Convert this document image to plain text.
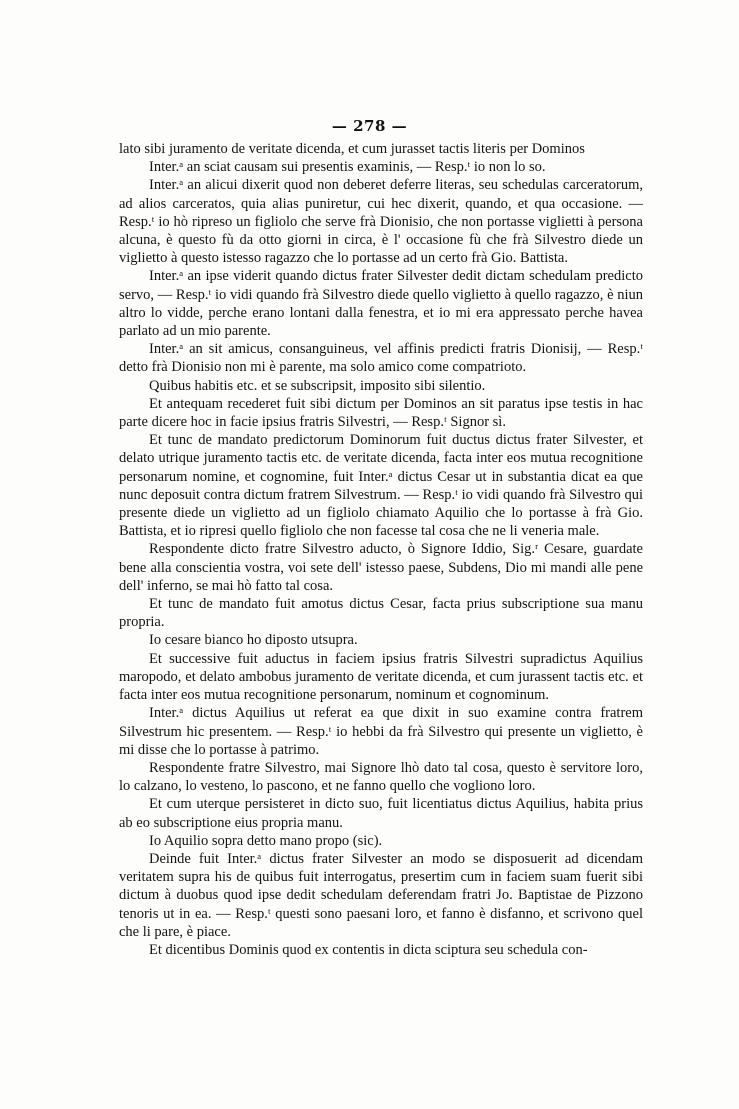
— 278 —

lato sibi juramento de veritate dicenda, et cum jurasset tactis literis per Dominos

Inter.ᵃ an sciat causam sui presentis examinis, — Resp.ᵗ io non lo so.

Inter.ᵃ an alicui dixerit quod non deberet deferre literas, seu schedulas carceratorum, ad alios carceratos, quia alias puniretur, cui hec dixerit, quando, et qua occasione. — Resp.ᵗ io hò ripreso un figliolo che serve frà Dionisio, che non portasse viglietti à persona alcuna, è questo fù da otto giorni in circa, è l' occasione fù che frà Silvestro diede un viglietto à questo istesso ragazzo che lo portasse ad un certo frà Gio. Battista.

Inter.ᵃ an ipse viderit quando dictus frater Silvester dedit dictam schedulam predicto servo, — Resp.ᵗ io vidi quando frà Silvestro diede quello viglietto à quello ragazzo, è niun altro lo vidde, perche erano lontani dalla fenestra, et io mi era appressato perche havea parlato ad un mio parente.

Inter.ᵃ an sit amicus, consanguineus, vel affinis predicti fratris Dionisij, — Resp.ᵗ detto frà Dionisio non mi è parente, ma solo amico come compatrioto.

Quibus habitis etc. et se subscripsit, imposito sibi silentio.

Et antequam recederet fuit sibi dictum per Dominos an sit paratus ipse testis in hac parte dicere hoc in facie ipsius fratris Silvestri, — Resp.ᵗ Signor sì.

Et tunc de mandato predictorum Dominorum fuit ductus dictus frater Silvester, et delato utrique juramento tactis etc. de veritate dicenda, facta inter eos mutua recognitione personarum nomine, et cognomine, fuit Inter.ᵃ dictus Cesar ut in substantia dicat ea que nunc deposuit contra dictum fratrem Silvestrum. — Resp.ᵗ io vidi quando frà Silvestro qui presente diede un viglietto ad un figliolo chiamato Aquilio che lo portasse à frà Gio. Battista, et io ripresi quello figliolo che non facesse tal cosa che ne li veneria male.

Respondente dicto fratre Silvestro aducto, ò Signore Iddio, Sig.ʳ Cesare, guardate bene alla conscientia vostra, voi sete dell' istesso paese, Subdens, Dio mi mandi alle pene dell' inferno, se mai hò fatto tal cosa.

Et tunc de mandato fuit amotus dictus Cesar, facta prius subscriptione sua manu propria.

Io cesare bianco ho diposto utsupra.

Et successive fuit aductus in faciem ipsius fratris Silvestri supradictus Aquilius maropodo, et delato ambobus juramento de veritate dicenda, et cum jurassent tactis etc. et facta inter eos mutua recognitione personarum, nominum et cognominum.

Inter.ᵃ dictus Aquilius ut referat ea que dixit in suo examine contra fratrem Silvestrum hic presentem. — Resp.ᵗ io hebbi da frà Silvestro qui presente un viglietto, è mi disse che lo portasse à patrimo.

Respondente fratre Silvestro, mai Signore lhò dato tal cosa, questo è servitore loro, lo calzano, lo vesteno, lo pascono, et ne fanno quello che vogliono loro.

Et cum uterque persisteret in dicto suo, fuit licentiatus dictus Aquilius, habita prius ab eo subscriptione eius propria manu.

Io Aquilio sopra detto mano propo (sic).

Deinde fuit Inter.ᵃ dictus frater Silvester an modo se disposuerit ad dicendam veritatem supra his de quibus fuit interrogatus, presertim cum in faciem suam fuerit sibi dictum à duobus quod ipse dedit schedulam deferendam fratri Jo. Baptistae de Pizzono tenoris ut in ea. — Resp.ᵗ questi sono paesani loro, et fanno è disfanno, et scrivono quel che li pare, è piace.

Et dicentibus Dominis quod ex contentis in dicta sciptura seu schedula con-
